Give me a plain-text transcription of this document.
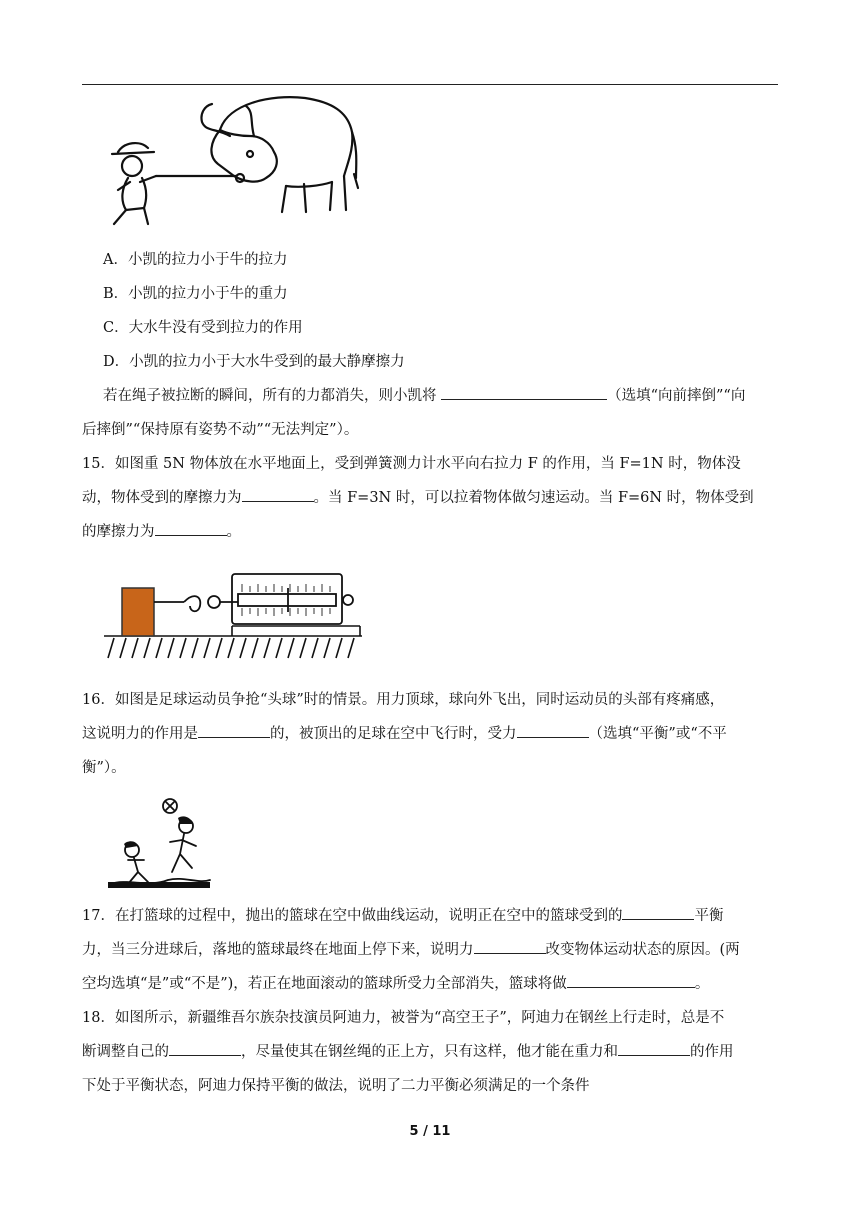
A．小凯的拉力小于牛的拉力
B．小凯的拉力小于牛的重力
C．大水牛没有受到拉力的作用
D．小凯的拉力小于大水牛受到的最大静摩擦力
若在绳子被拉断的瞬间，所有的力都消失，则小凯将	（选填“向前摔倒”“向
后摔倒”“保持原有姿势不动”“无法判定”）。
15．如图重 5N 物体放在水平地面上，受到弹簧测力计水平向右拉力 F 的作用，当 F=1N 时，物体没
动，物体受到的摩擦力为	。当 F=3N 时，可以拉着物体做匀速运动。当 F=6N 时，物体受到
的摩擦力为	。
16．如图是足球运动员争抢“头球”时的情景。用力顶球，球向外飞出，同时运动员的头部有疼痛感，
这说明力的作用是	的，被顶出的足球在空中飞行时，受力	（选填“平衡”或“不平
衡”）。
17．在打篮球的过程中，抛出的篮球在空中做曲线运动，说明正在空中的篮球受到的	平衡
力，当三分进球后，落地的篮球最终在地面上停下来，说明力	改变物体运动状态的原因。(两
空均选填“是”或“不是”)，若正在地面滚动的篮球所受力全部消失，篮球将做	。
18．如图所示，新疆维吾尔族杂技演员阿迪力，被誉为“高空王子”，阿迪力在钢丝上行走时，总是不
断调整自己的	，尽量使其在钢丝绳的正上方，只有这样，他才能在重力和	的作用
下处于平衡状态，阿迪力保持平衡的做法，说明了二力平衡必须满足的一个条件
5 / 11
